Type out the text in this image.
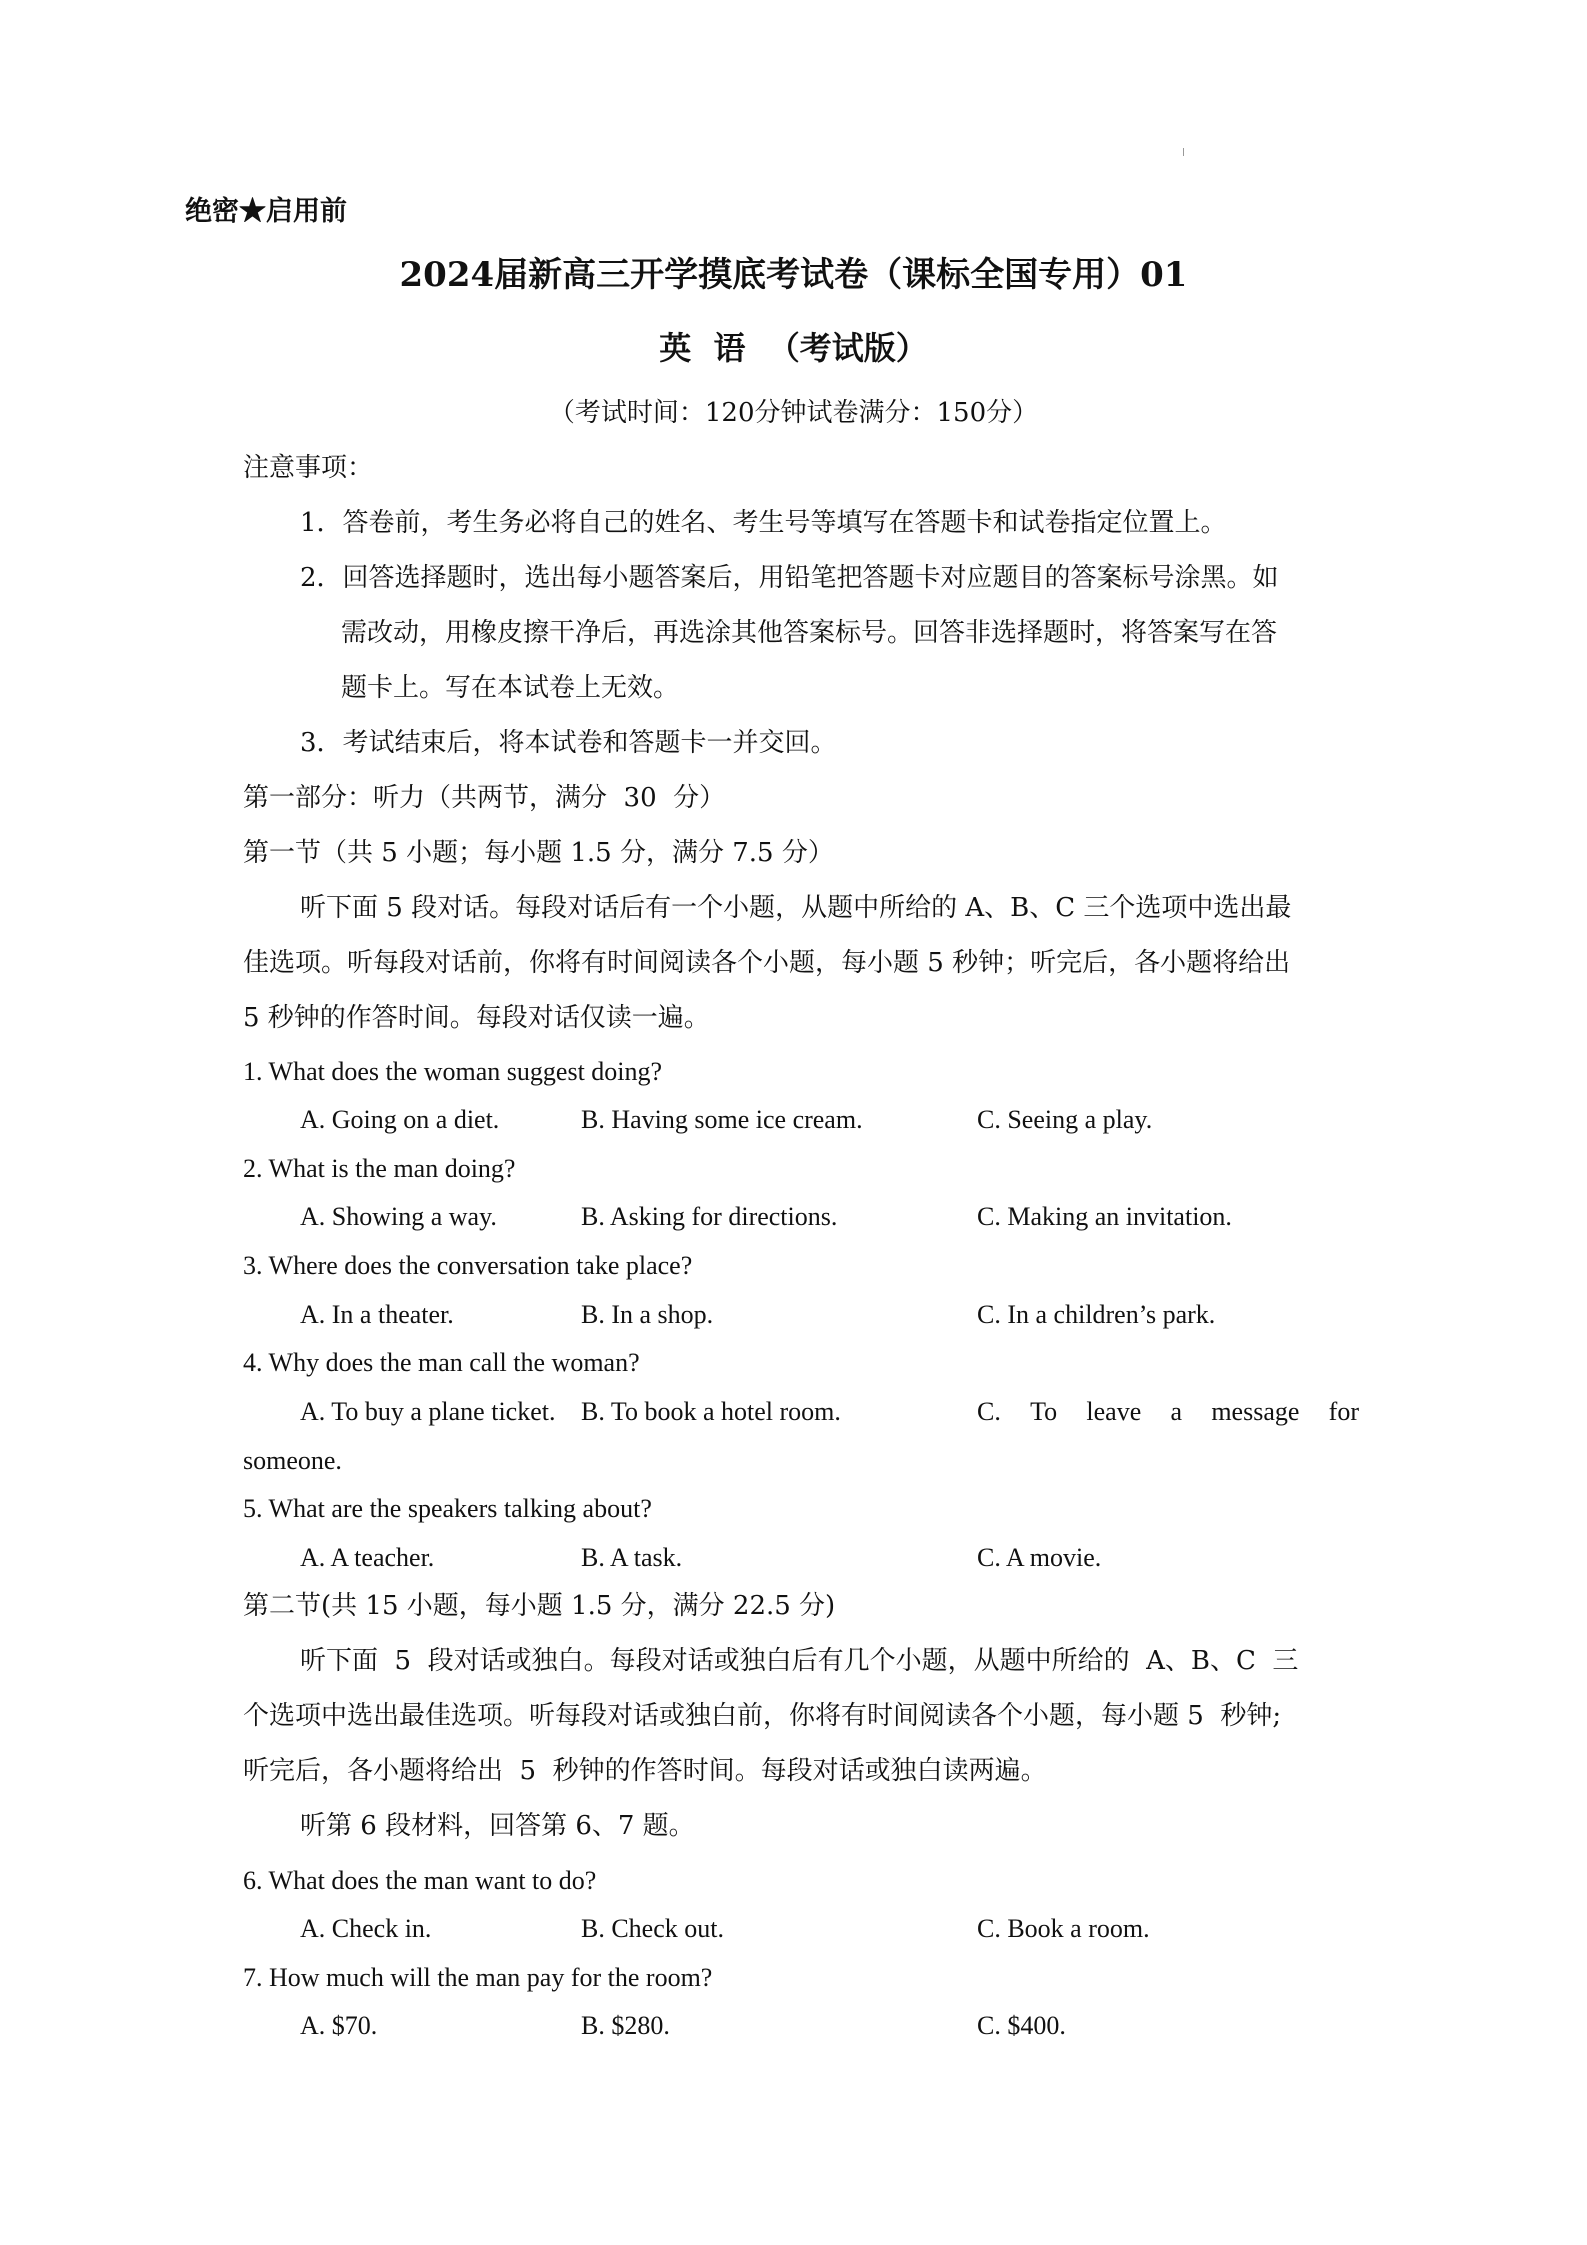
绝密★启用前
2024届新高三开学摸底考试卷（课标全国专用）01
英  语  （考试版）
（考试时间：120分钟试卷满分：150分）
注意事项：
1．答卷前，考生务必将自己的姓名、考生号等填写在答题卡和试卷指定位置上。
2．回答选择题时，选出每小题答案后，用铅笔把答题卡对应题目的答案标号涂黑。如
需改动，用橡皮擦干净后，再选涂其他答案标号。回答非选择题时，将答案写在答
题卡上。写在本试卷上无效。
3．考试结束后，将本试卷和答题卡一并交回。
第一部分：听力（共两节，满分  30  分）
第一节（共 5 小题；每小题 1.5 分，满分 7.5 分）
听下面 5 段对话。每段对话后有一个小题，从题中所给的 A、B、C 三个选项中选出最
佳选项。听每段对话前，你将有时间阅读各个小题，每小题 5 秒钟；听完后，各小题将给出
5 秒钟的作答时间。每段对话仅读一遍。
1. What does the woman suggest doing?
A. Going on a diet.	B. Having some ice cream.	C. Seeing a play.
2. What is the man doing?
A. Showing a way.	B. Asking for directions.	C. Making an invitation.
3. Where does the conversation take place?
A. In a theater.	B. In a shop.	C. In a children’s park.
4. Why does the man call the woman?
A. To buy a plane ticket. B. To book a hotel room.	C. To leave a message for
someone.
5. What are the speakers talking about?
A. A teacher.	B. A task.	C. A movie.
第二节(共 15 小题，每小题 1.5 分，满分 22.5 分)
听下面  5  段对话或独白。每段对话或独白后有几个小题，从题中所给的  A、B、C  三
个选项中选出最佳选项。听每段对话或独白前，你将有时间阅读各个小题，每小题 5  秒钟;
听完后，各小题将给出  5  秒钟的作答时间。每段对话或独白读两遍。
听第 6 段材料，回答第 6、7 题。
6. What does the man want to do?
A. Check in.	B. Check out.	C. Book a room.
7. How much will the man pay for the room?
A. $70.	B. $280.	C. $400.
